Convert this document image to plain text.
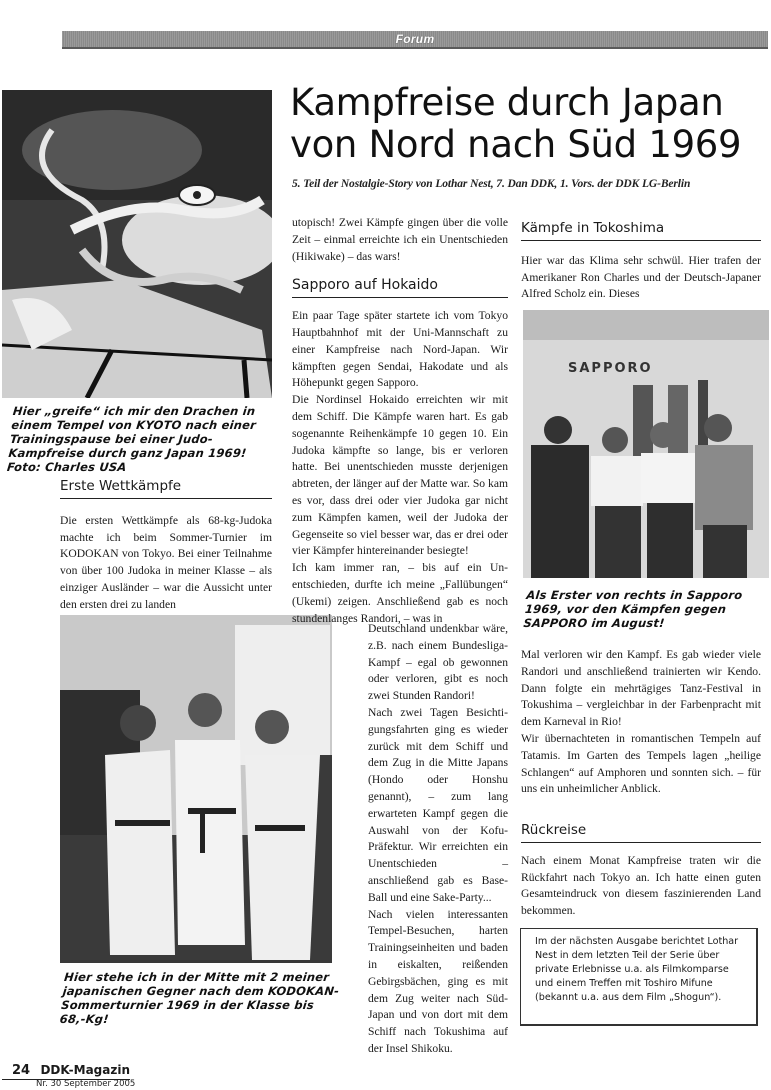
Forum
Kampfreise durch Japan
von Nord nach Süd 1969
5. Teil der Nostalgie-Story von Lothar Nest, 7. Dan DDK, 1. Vors. der DDK LG-Berlin
Hier „greife“ ich mir den Drachen in einem Tempel von KYOTO nach einer Trainingspause bei einer Judo-Kampfreise durch ganz Japan 1969! Foto: Charles USA
Erste Wettkämpfe

Die ersten Wettkämpfe als 68-kg-Judoka machte ich beim Sommer-Turnier im KODOKAN von Tokyo. Bei einer Teilnahme von über 100 Judoka in meiner Klasse – als einziger Ausländer – war die Aussicht unter den ersten drei zu landen

Hier stehe ich in der Mitte mit 2 meiner japanischen Gegner nach dem KODOKAN-Sommerturnier 1969 in der Klasse bis 68,-Kg!

utopisch! Zwei Kämpfe gingen über die volle Zeit – einmal erreichte ich ein Unentschieden (Hikiwake) – das wars!

Sapporo auf Hokaido

Ein paar Tage später startete ich vom Tokyo Hauptbahnhof mit der Uni-Mannschaft zu einer Kampfreise nach Nord-Japan. Wir kämpften gegen Sendai, Hakodate und als Höhepunkt gegen Sapporo.

Die Nordinsel Hokaido erreichten wir mit dem Schiff. Die Kämpfe waren hart. Es gab sogenannte Reihenkämpfe 10 gegen 10. Ein Judoka kämpfte so lange, bis er verloren hatte. Bei unentschieden musste derjenigen abtreten, der länger auf der Matte war. So kam es vor, dass drei oder vier Judoka gar nicht zum Kämpfen kamen, weil der Judoka der Gegenseite so viel besser war, das er drei oder vier Kämpfer hintereinander besiegte!

Ich kam immer ran, – bis auf ein Unentschieden, durfte ich meine „Fallübungen“ (Ukemi) zeigen. Anschließend gab es noch stundenlanges Randori, – was in

Deutschland undenkbar wäre, z.B. nach einem Bundesliga-Kampf – egal ob gewonnen oder verloren, gibt es noch zwei Stunden Randori!

Nach zwei Tagen Besichtigungsfahrten ging es wieder zurück mit dem Schiff und dem Zug in die Mitte Japans (Hondo oder Honshu genannt), – zum lang erwarteten Kampf gegen die Auswahl von der Kofu-Präfektur. Wir erreichten ein Unentschieden – anschließend gab es Base-Ball und eine Sake-Party...

Nach vielen interessanten Tempel-Besuchen, harten Trainingseinheiten und baden in eiskalten, reißenden Gebirgsbächen, ging es mit dem Zug weiter nach Süd-Japan und von dort mit dem Schiff nach Tokushima auf der Insel Shikoku.

Kämpfe in Tokoshima

Hier war das Klima sehr schwül. Hier trafen der Amerikaner Ron Charles und der Deutsch-Japaner Alfred Scholz ein. Dieses

SAPPORO
Als Erster von rechts in Sapporo 1969, vor den Kämpfen gegen SAPPORO im August!

Mal verloren wir den Kampf. Es gab wieder viele Randori und anschließend trainierten wir Kendo. Dann folgte ein mehrtägiges Tanz-Festival in Tokushima – vergleichbar in der Farbenpracht mit dem Karneval in Rio!

Wir übernachteten in romantischen Tempeln auf Tatamis. Im Garten des Tempels lagen „heilige Schlangen“ auf Amphoren und sonnten sich. – für uns ein unheimlicher Anblick.

Rückreise

Nach einem Monat Kampfreise traten wir die Rückfahrt nach Tokyo an. Ich hatte einen guten Gesamteindruck von diesem faszinierenden Land bekommen.

Im der nächsten Ausgabe berichtet Lothar Nest in dem letzten Teil der Serie über private Erlebnisse u.a. als Filmkomparse und einem Treffen mit Toshiro Mifune (bekannt u.a. aus dem Film „Shogun“).
24 DDK-Magazin
Nr. 30 September 2005
